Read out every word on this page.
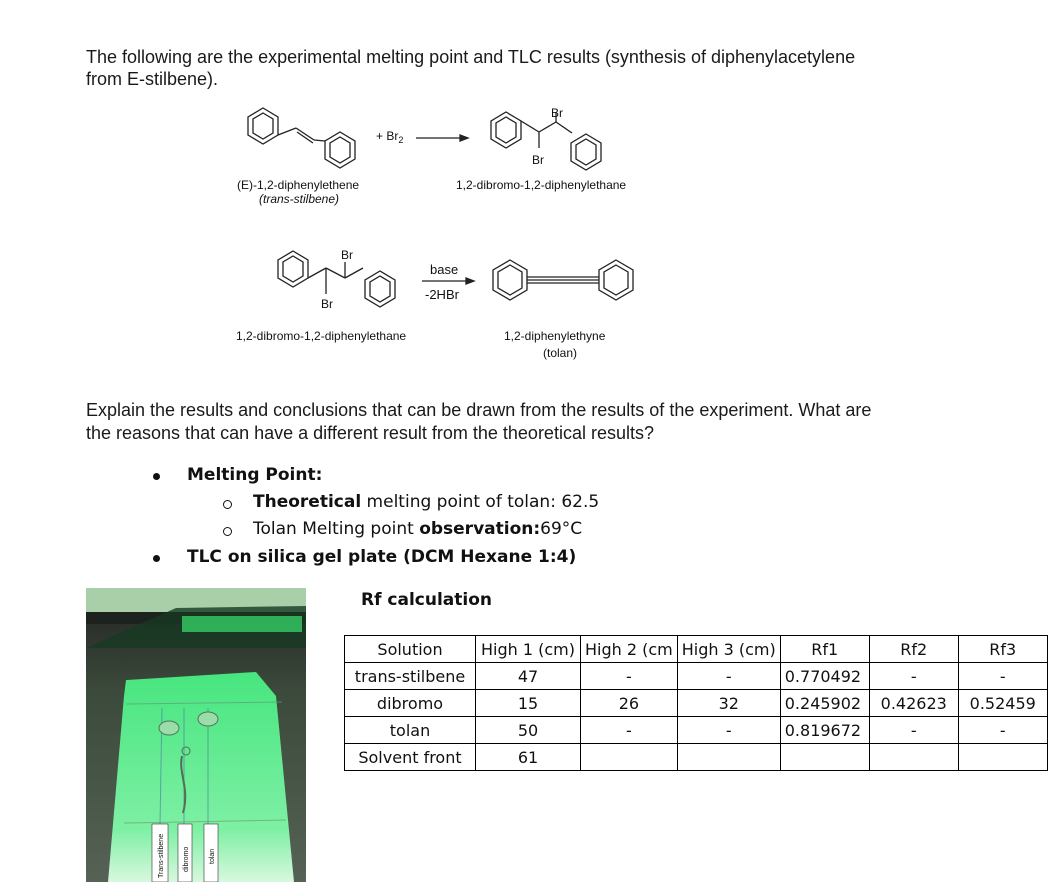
The following are the experimental melting point and TLC results (synthesis of diphenylacetylene
from E-stilbene).
+ $Br_2$
Br
Br
(E)-1,2-diphenylethene
(trans-stilbene)
1,2-dibromo-1,2-diphenylethane
Br
Br
base
-2HBr
1,2-dibromo-1,2-diphenylethane	1,2-diphenylethyne
(tolan)
Explain the results and conclusions that can be drawn from the results of the experiment. What are
the reasons that can have a different result from the theoretical results?
Melting Point:
Theoretical melting point of tolan: 62.5
Tolan Melting point observation:69°C
TLC on silica gel plate (DCM Hexane 1:4)
Rf calculation
Solution	High 1 (cm)	High 2 (cm	High 3 (cm)	Rf1	Rf2	Rf3
trans-stilbene	47	-	-	0.770492	-	-
dibromo	15	26	32	0.245902	0.42623	0.52459
tolan	50	-	-	0.819672	-	-
Solvent front	61					
Trans-stilbene	dibromo	tolan
